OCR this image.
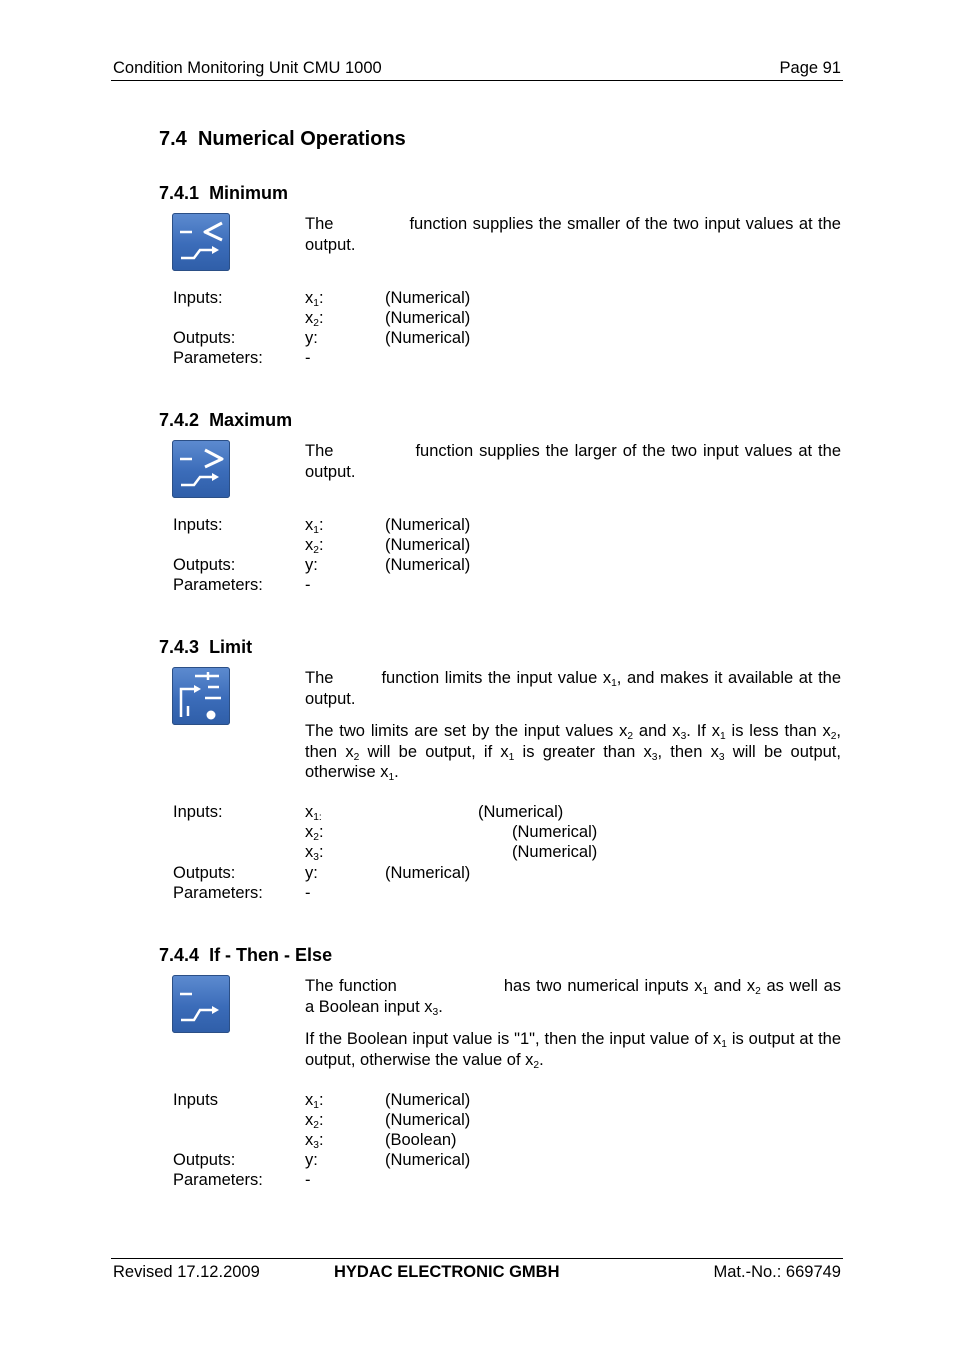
Condition Monitoring Unit CMU 1000	Page 91
7.4 Numerical Operations
7.4.1 Minimum
The	function supplies the smaller of the two input values at the output.
Inputs:	$x_1$:	(Numerical)
$x_2$:	(Numerical)
Outputs:	y:	(Numerical)
Parameters:	-
7.4.2 Maximum
The	function supplies the larger of the two input values at the output.
Inputs:	$x_1$:	(Numerical)
$x_2$:	(Numerical)
Outputs:	y:	(Numerical)
Parameters:	-
7.4.3 Limit
The	function limits the input value $x_1$, and makes it available at the output.
The two limits are set by the input values $x_2$ and $x_3$. If $x_1$ is less than $x_2$, then $x_2$ will be output, if $x_1$ is greater than $x_3$, then $x_3$ will be output, otherwise $x_1$.
Inputs:	$x_{1:}$	(Numerical)
$x_2$:	(Numerical)
$x_3$:	(Numerical)
Outputs:	y:	(Numerical)
Parameters:	-
7.4.4 If - Then - Else
The function	has two numerical inputs $x_1$ and $x_2$ as well as a Boolean input $x_3$.
If the Boolean input value is "1", then the input value of $x_1$ is output at the output, otherwise the value of $x_2$.
Inputs	$x_1$:	(Numerical)
$x_2$:	(Numerical)
$x_3$:	(Boolean)
Outputs:	y:	(Numerical)
Parameters:	-
Revised 17.12.2009	HYDAC ELECTRONIC GMBH	Mat.-No.: 669749
